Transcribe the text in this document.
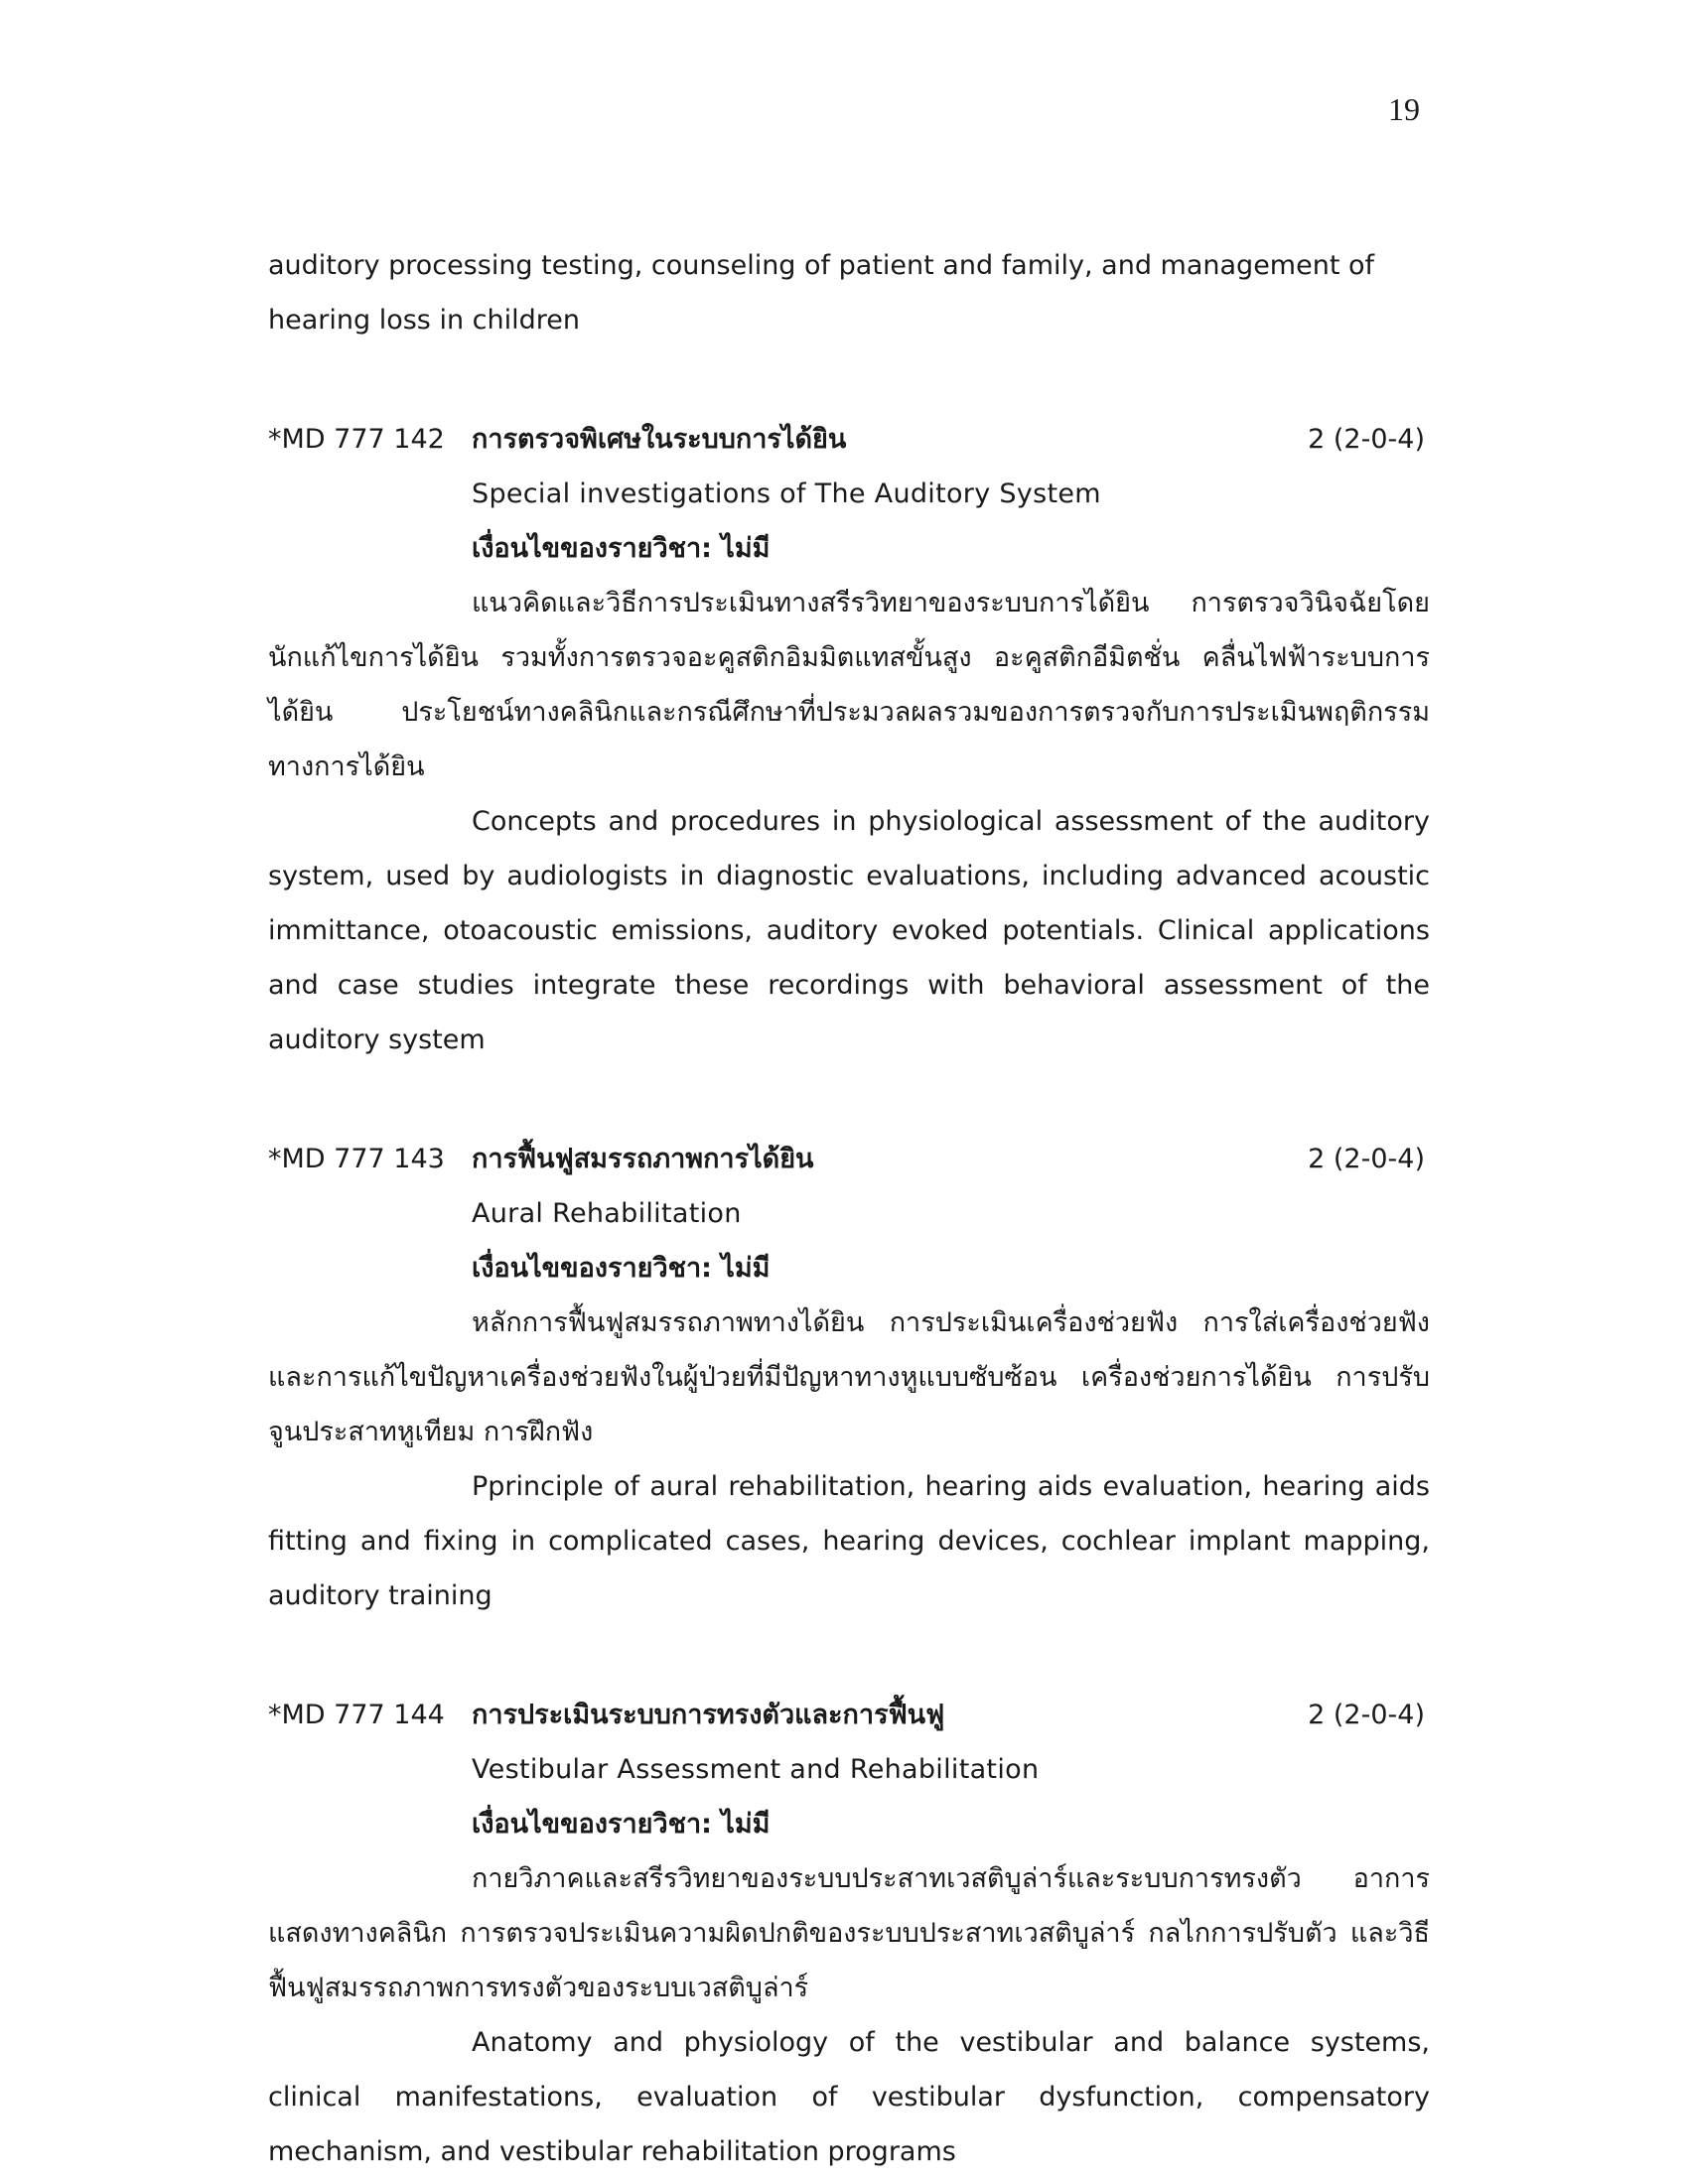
19

auditory processing testing, counseling of patient and family, and management of hearing loss in children

*MD 777 142	การตรวจพิเศษในระบบการได้ยิน	2 (2-0-4)
Special investigations of The Auditory System
เงื่อนไขของรายวิชา: ไม่มี

แนวคิดและวิธีการประเมินทางสรีรวิทยาของระบบการได้ยิน การตรวจวินิจฉัยโดยนักแก้ไขการได้ยิน รวมทั้งการตรวจอะคูสติกอิมมิตแทสขั้นสูง อะคูสติกอีมิตชั่น คลื่นไฟฟ้าระบบการได้ยิน ประโยชน์ทางคลินิกและกรณีศึกษาที่ประมวลผลรวมของการตรวจกับการประเมินพฤติกรรมทางการได้ยิน

Concepts and procedures in physiological assessment of the auditory system, used by audiologists in diagnostic evaluations, including advanced acoustic immittance, otoacoustic emissions, auditory evoked potentials. Clinical applications and case studies integrate these recordings with behavioral assessment of the auditory system

*MD 777 143	การฟื้นฟูสมรรถภาพการได้ยิน	2 (2-0-4)
Aural Rehabilitation
เงื่อนไขของรายวิชา: ไม่มี

หลักการฟื้นฟูสมรรถภาพทางได้ยิน การประเมินเครื่องช่วยฟัง การใส่เครื่องช่วยฟัง และการแก้ไขปัญหาเครื่องช่วยฟังในผู้ป่วยที่มีปัญหาทางหูแบบซับซ้อน เครื่องช่วยการได้ยิน การปรับจูนประสาทหูเทียม การฝึกฟัง

Pprinciple of aural rehabilitation, hearing aids evaluation, hearing aids fitting and fixing in complicated cases, hearing devices, cochlear implant mapping, auditory training

*MD 777 144	การประเมินระบบการทรงตัวและการฟื้นฟู	2 (2-0-4)
Vestibular Assessment and Rehabilitation
เงื่อนไขของรายวิชา: ไม่มี

กายวิภาคและสรีรวิทยาของระบบประสาทเวสติบูล่าร์และระบบการทรงตัว อาการแสดงทางคลินิก การตรวจประเมินความผิดปกติของระบบประสาทเวสติบูล่าร์ กลไกการปรับตัว และวิธีฟื้นฟูสมรรถภาพการทรงตัวของระบบเวสติบูล่าร์

Anatomy and physiology of the vestibular and balance systems, clinical manifestations, evaluation of vestibular dysfunction, compensatory mechanism, and vestibular rehabilitation programs
